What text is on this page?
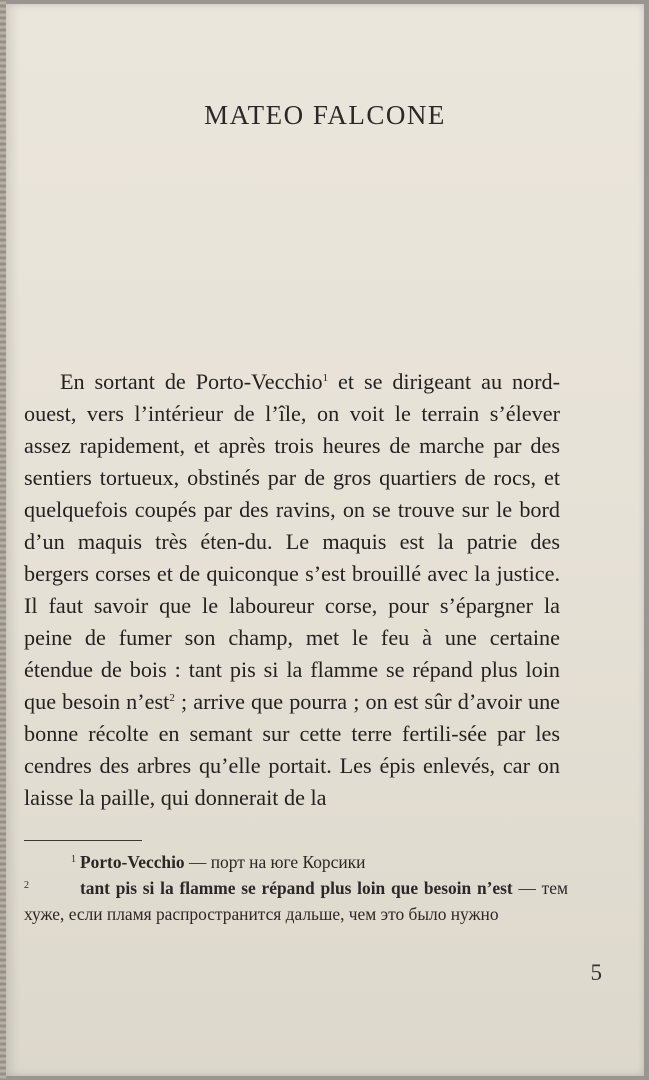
MATEO FALCONE

En sortant de Porto-Vecchio$^1$ et se dirigeant au nord-ouest, vers l’intérieur de l’île, on voit le terrain s’élever assez rapidement, et après trois heures de marche par des sentiers tortueux, obstinés par de gros quartiers de rocs, et quelquefois coupés par des ravins, on se trouve sur le bord d’un maquis très éten-du. Le maquis est la patrie des bergers corses et de quiconque s’est brouillé avec la justice. Il faut savoir que le laboureur corse, pour s’épargner la peine de fumer son champ, met le feu à une certaine étendue de bois : tant pis si la flamme se répand plus loin que besoin n’est$^2$ ; arrive que pourra ; on est sûr d’avoir une bonne récolte en semant sur cette terre fertili-sée par les cendres des arbres qu’elle portait. Les épis enlevés, car on laisse la paille, qui donnerait de la

$^1$ Porto-Vecchio — порт на юге Корсики

$^2$	tant pis si la flamme se répand plus loin que besoin n’est — тем хуже, если пламя распространится дальше, чем это было нужно

5
